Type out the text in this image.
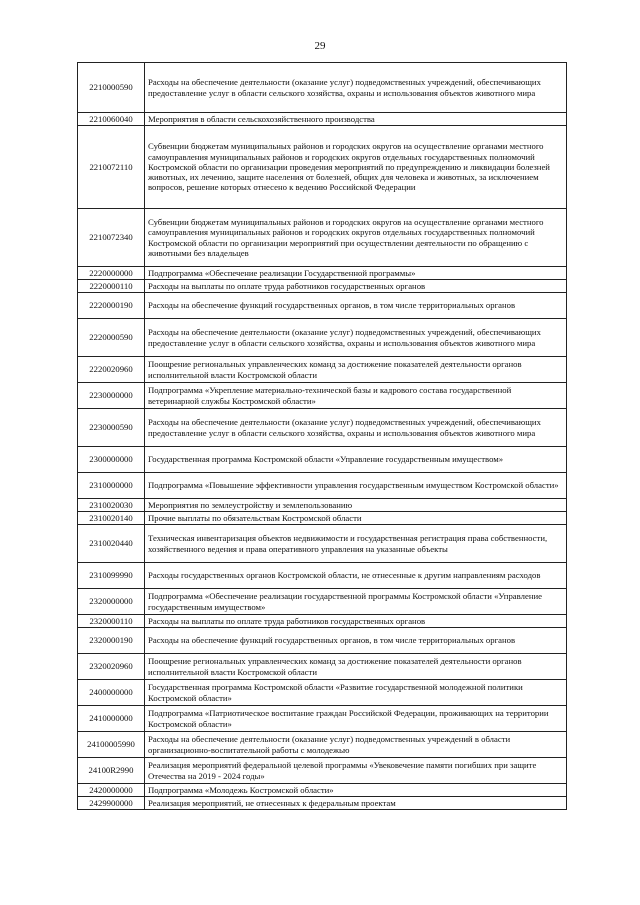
29
2210000590	Расходы на обеспечение деятельности (оказание услуг) подведомственных учреждений, обеспечивающих предоставление услуг в области сельского хозяйства, охраны и использования объектов животного мира
2210060040	Мероприятия в области сельскохозяйственного производства
2210072110	Субвенции бюджетам муниципальных районов и городских округов на осуществление органами местного самоуправления муниципальных районов и городских округов отдельных государственных полномочий Костромской области по организации проведения мероприятий по предупреждению и ликвидации болезней животных, их лечению, защите населения от болезней, общих для человека и животных, за исключением вопросов, решение которых отнесено к ведению Российской Федерации
2210072340	Субвенции бюджетам муниципальных районов и городских округов на осуществление органами местного самоуправления муниципальных районов и городских округов отдельных государственных полномочий Костромской области по организации мероприятий при осуществлении деятельности по обращению с животными без владельцев
2220000000	Подпрограмма «Обеспечение реализации Государственной программы»
2220000110	Расходы на выплаты по оплате труда работников государственных органов
2220000190	Расходы на обеспечение функций государственных органов, в том числе территориальных органов
2220000590	Расходы на обеспечение деятельности (оказание услуг) подведомственных учреждений, обеспечивающих предоставление услуг в области сельского хозяйства, охраны и использования объектов животного мира
2220020960	Поощрение региональных управленческих команд за достижение показателей деятельности органов исполнительной власти Костромской области
2230000000	Подпрограмма «Укрепление материально-технической базы и кадрового состава государственной ветеринарной службы Костромской области»
2230000590	Расходы на обеспечение деятельности (оказание услуг) подведомственных учреждений, обеспечивающих предоставление услуг в области сельского хозяйства, охраны и использования объектов животного мира
2300000000	Государственная программа Костромской области «Управление государственным имуществом»
2310000000	Подпрограмма «Повышение эффективности управления государственным имуществом Костромской области»
2310020030	Мероприятия по землеустройству и землепользованию
2310020140	Прочие выплаты по обязательствам Костромской области
2310020440	Техническая инвентаризация объектов недвижимости и государственная регистрация права собственности, хозяйственного ведения и права оперативного управления на указанные объекты
2310099990	Расходы государственных органов Костромской области, не отнесенные к другим направлениям расходов
2320000000	Подпрограмма «Обеспечение реализации государственной программы Костромской области «Управление государственным имуществом»
2320000110	Расходы на выплаты по оплате труда работников государственных органов
2320000190	Расходы на обеспечение функций государственных органов, в том числе территориальных органов
2320020960	Поощрение региональных управленческих команд за достижение показателей деятельности органов исполнительной власти Костромской области
2400000000	Государственная программа Костромской области «Развитие государственной молодежной политики Костромской области»
2410000000	Подпрограмма «Патриотическое воспитание граждан Российской Федерации, проживающих на территории Костромской области»
24100005990	Расходы на обеспечение деятельности (оказание услуг) подведомственных учреждений в области организационно-воспитательной работы с молодежью
24100R2990	Реализация мероприятий федеральной целевой программы «Увековечение памяти погибших при защите Отечества на 2019 - 2024 годы»
2420000000	Подпрограмма «Молодежь Костромской области»
2429900000	Реализация мероприятий, не отнесенных к федеральным проектам
